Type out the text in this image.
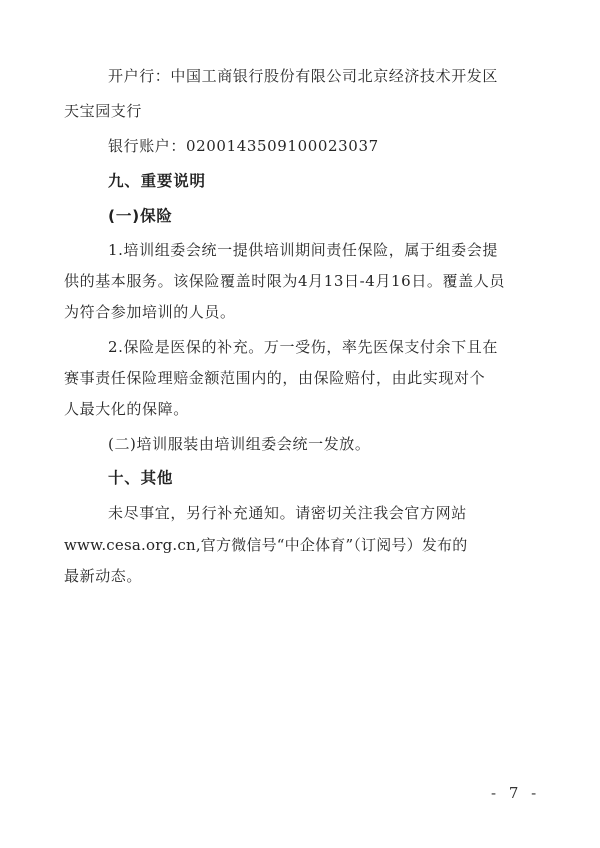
开户行：中国工商银行股份有限公司北京经济技术开发区
天宝园支行
银行账户：0200143509100023037
九、重要说明
(一)保险
1.培训组委会统一提供培训期间责任保险，属于组委会提
供的基本服务。该保险覆盖时限为4月13日-4月16日。覆盖人员
为符合参加培训的人员。
2.保险是医保的补充。万一受伤，率先医保支付余下且在
赛事责任保险理赔金额范围内的，由保险赔付，由此实现对个
人最大化的保障。
(二)培训服装由培训组委会统一发放。
十、其他
未尽事宜，另行补充通知。请密切关注我会官方网站
www.cesa.org.cn,官方微信号“中企体育”（订阅号）发布的
最新动态。
- 7 -
